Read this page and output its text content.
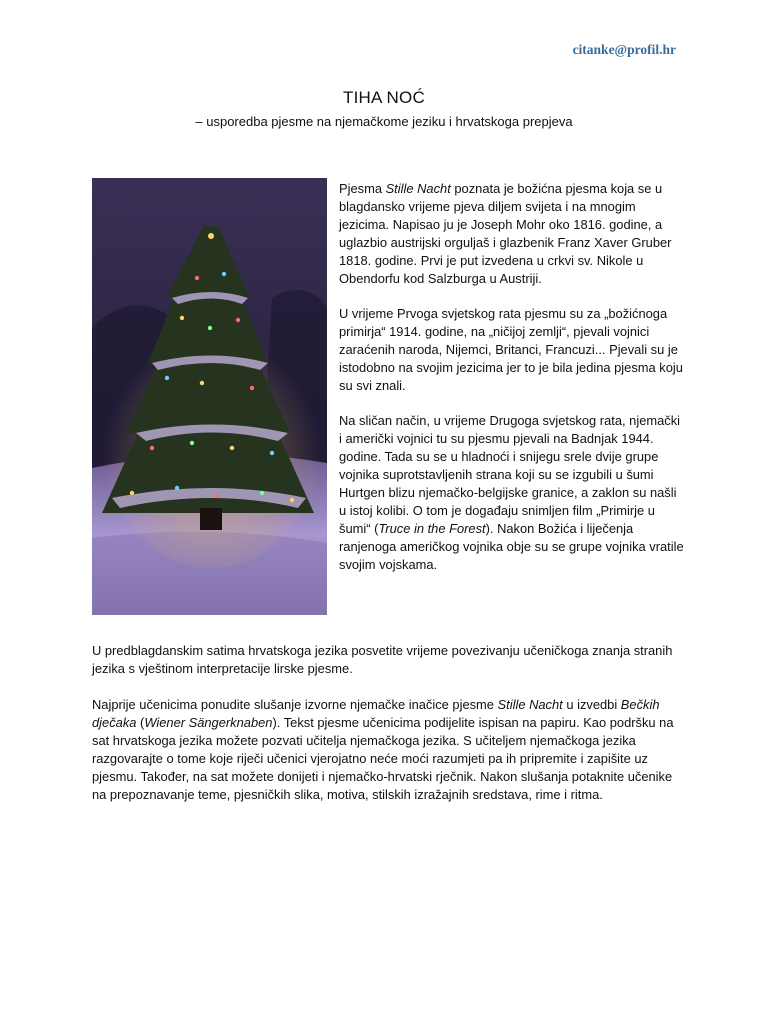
citanke@profil.hr
TIHA NOĆ
– usporedba pjesme na njemačkome jeziku i hrvatskoga prepjeva

Pjesma Stille Nacht poznata je božićna pjesma koja se u blagdansko vrijeme pjeva diljem svijeta i na mnogim jezicima. Napisao ju je Joseph Mohr oko 1816. godine, a uglazbio austrijski orguljaš i glazbenik Franz Xaver Gruber 1818. godine. Prvi je put izvedena u crkvi sv. Nikole u Obendorfu kod Salzburga u Austriji.

U vrijeme Prvoga svjetskog rata pjesmu su za „božićnoga primirja“ 1914. godine, na „ničijoj zemlji“, pjevali vojnici zaraćenih naroda, Nijemci, Britanci, Francuzi... Pjevali su je istodobno na svojim jezicima jer to je bila jedina pjesma koju su svi znali.

Na sličan način, u vrijeme Drugoga svjetskog rata, njemački i američki vojnici tu su pjesmu pjevali na Badnjak 1944. godine. Tada su se u hladnoći i snijegu srele dvije grupe vojnika suprotstavljenih strana koji su se izgubili u šumi Hurtgen blizu njemačko-belgijske granice, a zaklon su našli u istoj kolibi. O tom je događaju snimljen film „Primirje u šumi“ (Truce in the Forest). Nakon Božića i liječenja ranjenoga američkog vojnika obje su se grupe vojnika vratile svojim vojskama.

U predblagdanskim satima hrvatskoga jezika posvetite vrijeme povezivanju učeničkoga znanja stranih jezika s vještinom interpretacije lirske pjesme.

Najprije učenicima ponudite slušanje izvorne njemačke inačice pjesme Stille Nacht u izvedbi Bečkih dječaka (Wiener Sängerknaben). Tekst pjesme učenicima podijelite ispisan na papiru. Kao podršku na sat hrvatskoga jezika možete pozvati učitelja njemačkoga jezika. S učiteljem njemačkoga jezika razgovarajte o tome koje riječi učenici vjerojatno neće moći razumjeti pa ih pripremite i zapišite uz pjesmu. Također, na sat možete donijeti i njemačko-hrvatski rječnik. Nakon slušanja potaknite učenike na prepoznavanje teme, pjesničkih slika, motiva, stilskih izražajnih sredstava, rime i ritma.
